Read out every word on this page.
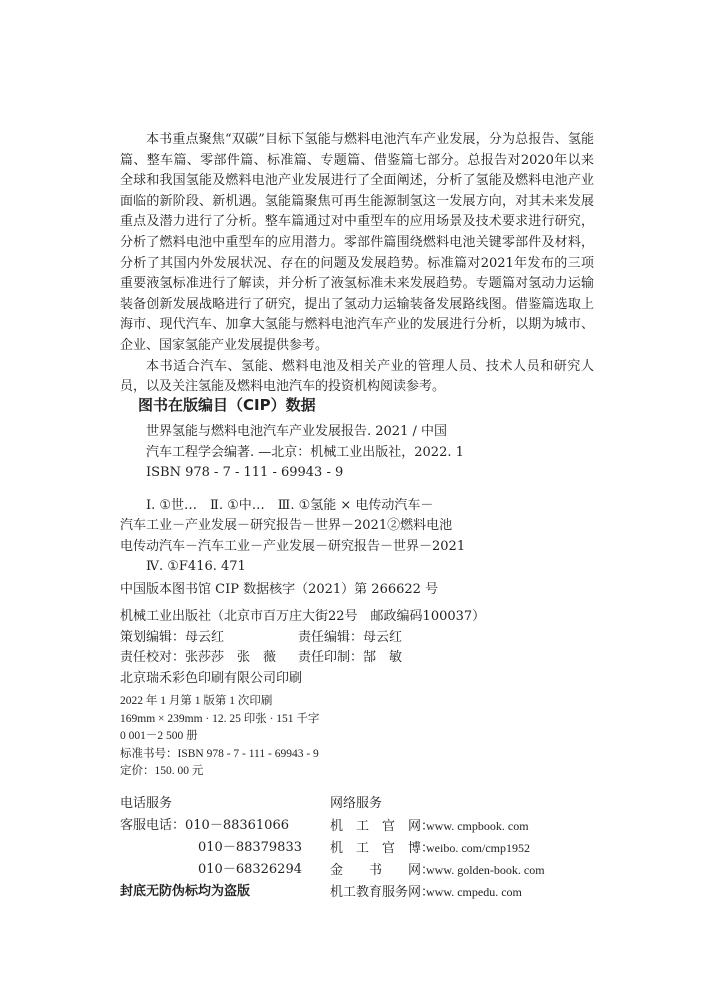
本书重点聚焦“双碳”目标下氢能与燃料电池汽车产业发展，分为总报告、氢能篇、整车篇、零部件篇、标准篇、专题篇、借鉴篇七部分。总报告对2020年以来全球和我国氢能及燃料电池产业发展进行了全面阐述，分析了氢能及燃料电池产业面临的新阶段、新机遇。氢能篇聚焦可再生能源制氢这一发展方向，对其未来发展重点及潜力进行了分析。整车篇通过对中重型车的应用场景及技术要求进行研究，分析了燃料电池中重型车的应用潜力。零部件篇围绕燃料电池关键零部件及材料，分析了其国内外发展状况、存在的问题及发展趋势。标准篇对2021年发布的三项重要液氢标准进行了解读，并分析了液氢标准未来发展趋势。专题篇对氢动力运输装备创新发展战略进行了研究，提出了氢动力运输装备发展路线图。借鉴篇选取上海市、现代汽车、加拿大氢能与燃料电池汽车产业的发展进行分析，以期为城市、企业、国家氢能产业发展提供参考。

本书适合汽车、氢能、燃料电池及相关产业的管理人员、技术人员和研究人员，以及关注氢能及燃料电池汽车的投资机构阅读参考。

图书在版编目（CIP）数据
世界氢能与燃料电池汽车产业发展报告. 2021 / 中国
汽车工程学会编著. —北京：机械工业出版社，2022. 1
ISBN 978 - 7 - 111 - 69943 - 9
Ⅰ. ①世…　Ⅱ. ①中…　Ⅲ. ①氢能 × 电传动汽车－
汽车工业－产业发展－研究报告－世界－2021②燃料电池
电传动汽车－汽车工业－产业发展－研究报告－世界－2021
Ⅳ. ①F416. 471
中国版本图书馆 CIP 数据核字（2021）第 266622 号
机械工业出版社（北京市百万庄大街22号　邮政编码100037）
策划编辑：母云红	责任编辑：母云红
责任校对：张莎莎　张　薇 责任印制：郜　敏
北京瑞禾彩色印刷有限公司印刷
2022 年 1 月第 1 版第 1 次印刷
169mm × 239mm · 12. 25 印张 · 151 千字
0 001－2 500 册
标准书号：ISBN 978 - 7 - 111 - 69943 - 9
定价：150. 00 元
电话服务	网络服务
客服电话：010－88361066	机　工　官　网：www. cmpbook. com
010－88379833 机　工　官　博：weibo. com/cmp1952
010－68326294 金　　书　　网：www. golden-book. com
封底无防伪标均为盗版	机工教育服务网：www. cmpedu. com
